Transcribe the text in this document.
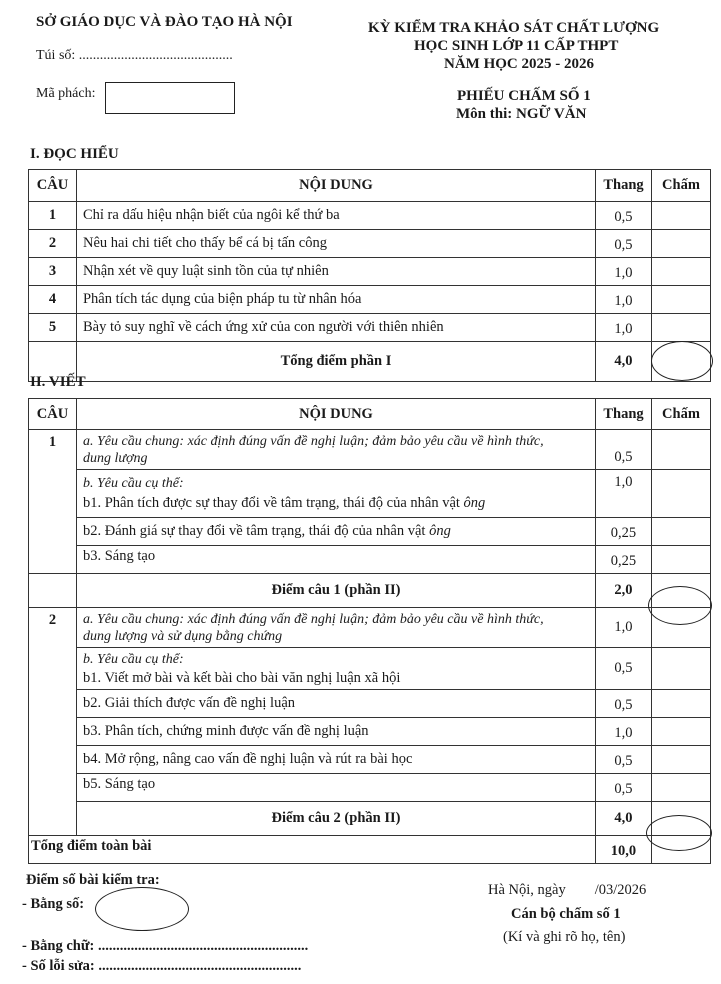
SỞ GIÁO DỤC VÀ ĐÀO TẠO HÀ NỘI
Túi số: ............................................
Mã phách:
KỲ KIỂM TRA KHẢO SÁT CHẤT LƯỢNG
HỌC SINH LỚP 11 CẤP THPT
NĂM HỌC 2025 - 2026
PHIẾU CHẤM SỐ 1
Môn thi: NGỮ VĂN
I. ĐỌC HIỂU
CÂU	NỘI DUNG	Thang	Chấm
1	Chỉ ra dấu hiệu nhận biết của ngôi kể thứ ba	0,5	
2	Nêu hai chi tiết cho thấy bể cá bị tấn công	0,5	
3	Nhận xét về quy luật sinh tồn của tự nhiên	1,0	
4	Phân tích tác dụng của biện pháp tu từ nhân hóa	1,0	
5	Bày tỏ suy nghĩ về cách ứng xử của con người với thiên nhiên	1,0	
	Tổng điểm phần I	4,0	
II. VIẾT
CÂU	NỘI DUNG	Thang	Chấm
1	a. Yêu cầu chung: xác định đúng vấn đề nghị luận; đảm bảo yêu cầu về hình thức,
dung lượng	0,5	

	b. Yêu cầu cụ thể:
b1. Phân tích được sự thay đổi về tâm trạng, thái độ của nhân vật ông	1,0	
	b2. Đánh giá sự thay đổi về tâm trạng, thái độ của nhân vật ông	0,25	
	b3. Sáng tạo	0,25	
	Điểm câu 1 (phần II)	2,0	
2	a. Yêu cầu chung: xác định đúng vấn đề nghị luận; đảm bảo yêu cầu về hình thức,
dung lượng và sử dụng bằng chứng	1,0	

	b. Yêu cầu cụ thể:
b1. Viết mở bài và kết bài cho bài văn nghị luận xã hội	0,5	
	b2. Giải thích được vấn đề nghị luận	0,5	
	b3. Phân tích, chứng minh được vấn đề nghị luận	1,0	
	b4. Mở rộng, nâng cao vấn đề nghị luận và rút ra bài học	0,5	
	b5. Sáng tạo	0,5	
	Điểm câu 2 (phần II)	4,0	
Tổng điểm toàn bài		10,0	
Điểm số bài kiểm tra:
- Bằng số:
- Bằng chữ: ..........................................................
- Số lỗi sửa: ........................................................
Hà Nội, ngày        /03/2026
Cán bộ chấm số 1
(Kí và ghi rõ họ, tên)
